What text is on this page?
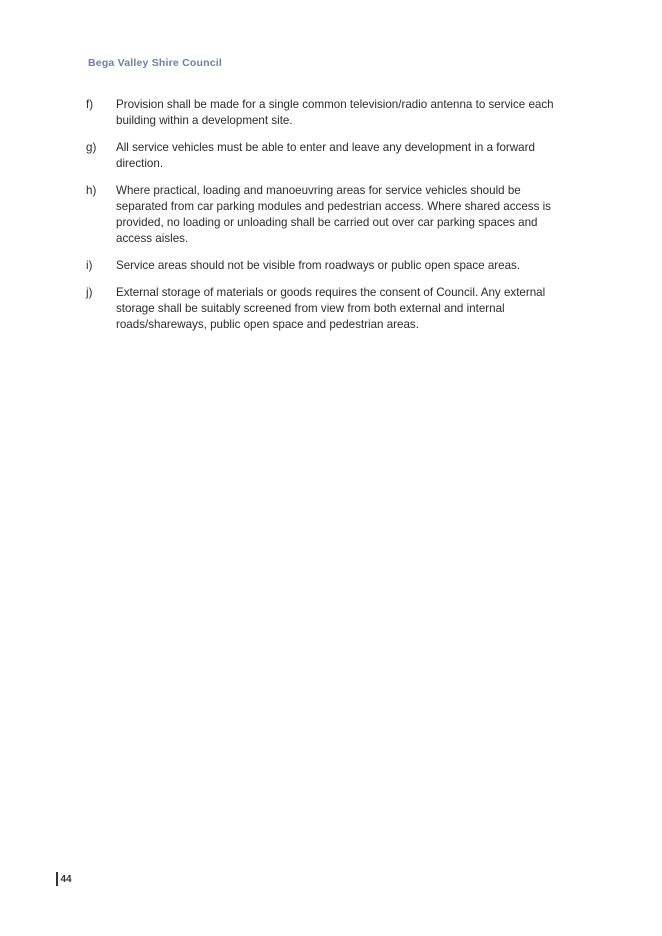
Bega Valley Shire Council
f)	Provision shall be made for a single common television/radio antenna to service each building within a development site.
g)	All service vehicles must be able to enter and leave any development in a forward direction.
h)	Where practical, loading and manoeuvring areas for service vehicles should be separated from car parking modules and pedestrian access. Where shared access is provided, no loading or unloading shall be carried out over car parking spaces and access aisles.
i)	Service areas should not be visible from roadways or public open space areas.
j)	External storage of materials or goods requires the consent of Council. Any external storage shall be suitably screened from view from both external and internal roads/shareways, public open space and pedestrian areas.
44
